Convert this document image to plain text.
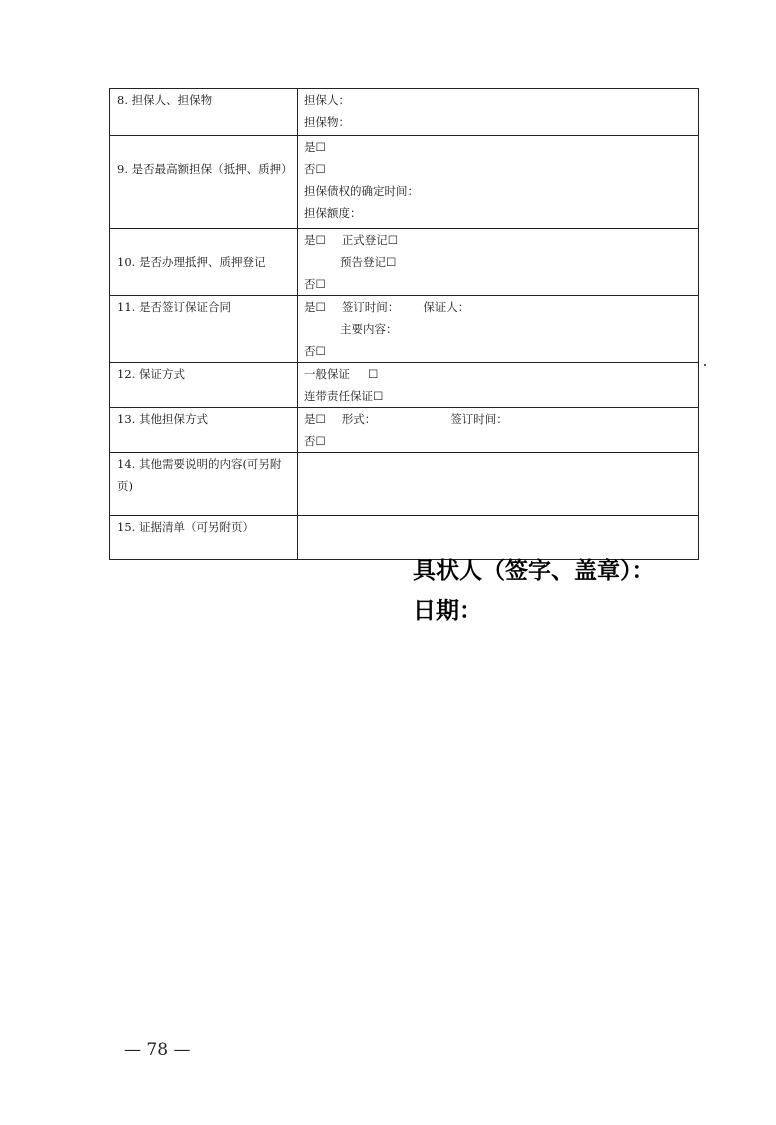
8. 担保人、担保物	担保人：
担保物：

9. 是否最高额担保（抵押、质押）	是☐
否☐
担保债权的确定时间：
担保额度：

10. 是否办理抵押、质押登记	是☐ 正式登记☐
预告登记☐
否☐

11. 是否签订保证合同	是☐ 签订时间： 保证人：
主要内容：
否☐

12. 保证方式	一般保证 ☐
连带责任保证☐

13. 其他担保方式	是☐ 形式： 签订时间：
否☐

14. 其他需要说明的内容(可另附页)	
15. 证据清单（可另附页）	
具状人（签字、盖章）：
日期：
— 78 —
